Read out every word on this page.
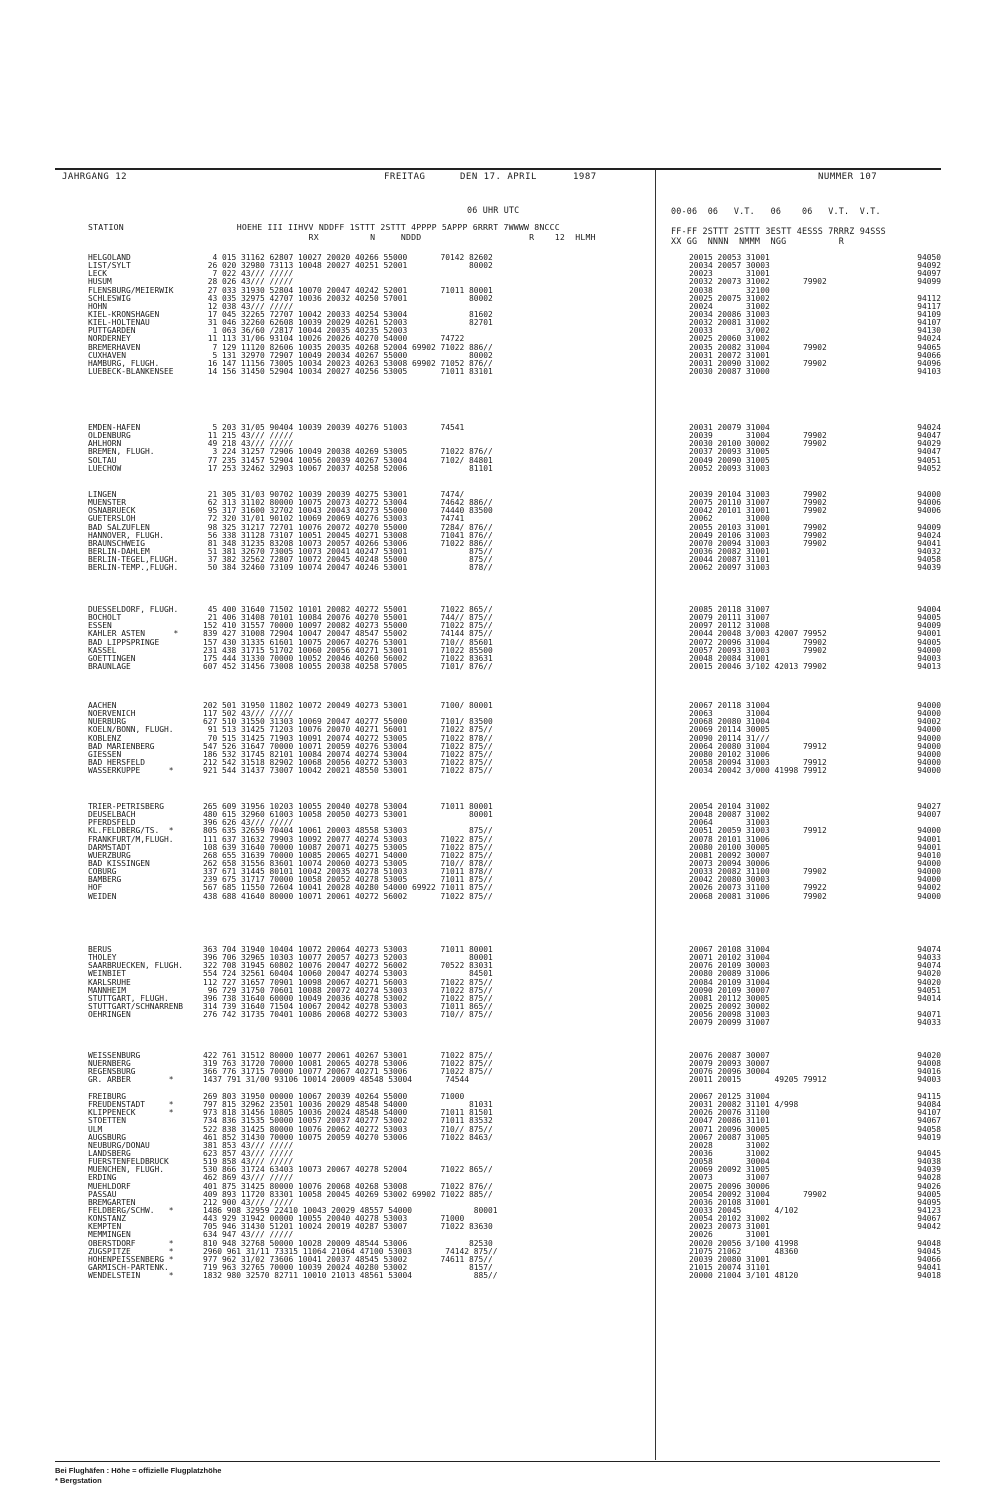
JAHRGANG 12	FREITAG	DEN 17. APRIL	1987	NUMMER 107
06 UHR UTC
STATION                      HOEHE III IIHVV NDDFF 1STTT 2STTT 4PPPP 5APPP 6RRRT 7WWWW 8NCCC
RX          N     NDDD                     R    12  HLMH
00-06  06   V.T.   06    06   V.T.  V.T.
FF-FF 2STTT 2STTT 3ESTT 4ESSS 7RRRZ 94SSS
XX GG  NNNN  NMMM  NGG          R
HELGOLAND	4 015 31162 62807 10027 20020 40266 55000       70142 82602	20015 20053 31001	94050
LIST/SYLT	26 020 32980 73113 10048 20027 40251 52001             80002	20034 20057 30003	94092
LECK	7 022 43/// /////	20023       31001	94097
HUSUM	28 026 43/// /////	20032 20073 31002       79902	94099
FLENSBURG/MEIERWIK	27 033 31930 52804 10070 20047 40242 52001       71011 80001	20038       32100
SCHLESWIG	43 035 32975 42707 10036 20032 40250 57001             80002	20025 20075 31002	94112
HOHN	12 038 43/// /////	20024       31002	94117
KIEL-KRONSHAGEN	17 045 32265 72707 10042 20033 40254 53004             81602	20034 20086 31003	94109
KIEL-HOLTENAU	31 046 32260 62608 10039 20029 40261 52003             82701	20032 20081 31002	94107
PUTTGARDEN	1 063 36/60 /2817 10044 20035 40235 52003	20033       3/002	94130
NORDERNEY	11 113 31/06 93104 10026 20026 40270 54000       74722	20025 20060 31002	94024
BREMERHAVEN	7 129 11120 82606 10035 20035 40268 52004 69902 71022 886//	20035 20082 31004       79902	94065
CUXHAVEN	5 131 32970 72907 10049 20034 40267 55000             80002	20031 20072 31001	94066
HAMBURG, FLUGH.	16 147 11156 73005 10034 20023 40263 53008 69902 71052 876//	20031 20090 31002       79902	94096
LUEBECK-BLANKENSEE	14 156 31450 52904 10034 20027 40256 53005       71011 83101	20030 20087 31000	94103
EMDEN-HAFEN	5 203 31/05 90404 10039 20039 40276 51003       74541	20031 20079 31004	94024
OLDENBURG	11 215 43/// /////	20039       31004       79902	94047
AHLHORN	49 218 43/// /////	20030 20100 30002       79902	94029
BREMEN, FLUGH.	3 224 31257 72906 10049 20038 40269 53005       71022 876//	20037 20093 31005	94047
SOLTAU	77 235 31457 52904 10056 20039 40267 53004       7102/ 84801	20049 20090 31005	94051
LUECHOW	17 253 32462 32903 10067 20037 40258 52006             81101	20052 20093 31003	94052
LINGEN	21 305 31/03 90702 10039 20039 40275 53001       7474/	20039 20104 31003       79902	94000
MUENSTER	62 313 31102 80000 10075 20073 40272 53004       74642 886//	20075 20110 31007       79902	94006
OSNABRUECK	95 317 31600 32702 10043 20043 40273 55000       74440 83500	20042 20101 31001       79902	94006
GUETERSLOH	72 320 31/01 90102 10069 20069 40276 53003       74741	20062       31000
BAD SALZUFLEN	98 325 31217 72701 10076 20072 40270 55000       7284/ 876//	20055 20103 31001       79902	94009
HANNOVER, FLUGH.	56 338 31128 73107 10051 20045 40271 53008       71041 876//	20049 20106 31003       79902	94024
BRAUNSCHWEIG	81 348 31235 83208 10073 20057 40266 53006       71022 886//	20070 20094 31003       79902	94041
BERLIN-DAHLEM	51 381 32670 73005 10073 20041 40247 53001             875//	20036 20082 31001	94032
BERLIN-TEGEL,FLUGH.	37 382 32562 72807 10072 20045 40248 55000             875//	20044 20087 31101	94058
BERLIN-TEMP.,FLUGH.	50 384 32460 73109 10074 20047 40246 53001             878//	20062 20097 31003	94039
DUESSELDORF, FLUGH.	45 400 31640 71502 10101 20082 40272 55001       71022 865//	20085 20118 31007	94004
BOCHOLT	21 406 31408 70101 10084 20076 40270 55001       744// 875//	20079 20111 31007	94005
ESSEN	152 410 31557 70000 10097 20082 40273 55000       71022 875//	20097 20112 31008	94009
KAHLER ASTEN      *	839 427 31008 72904 10047 20047 48547 55002       74144 875//	20044 20048 3/003 42007 79952	94001
BAD LIPPSPRINGE	157 430 31335 61601 10075 20067 40276 53001       710// 85601	20072 20096 31004       79902	94005
KASSEL	231 438 31715 51702 10060 20056 40271 53001       71022 85500	20057 20093 31003       79902	94000
GOETTINGEN	175 444 31330 70000 10052 20046 40260 56002       71022 83631	20048 20084 31001	94003
BRAUNLAGE	607 452 31456 73008 10055 20038 40258 57005       7101/ 876//	20015 20046 3/102 42013 79902	94013
AACHEN	202 501 31950 11802 10072 20049 40273 53001       7100/ 80001	20067 20118 31004	94000
NOERVENICH	117 502 43/// /////	20063       31004	94000
NUERBURG	627 510 31550 31303 10069 20047 40277 55000       7101/ 83500	20068 20080 31004	94002
KOELN/BONN, FLUGH.	91 513 31425 71203 10076 20070 40271 56001       71022 875//	20069 20114 30005	94000
KOBLENZ	70 515 31425 71903 10091 20074 40272 53005       71022 878//	20090 20114 31///	94000
BAD MARIENBERG	547 526 31647 70000 10071 20059 40276 53004       71022 875//	20064 20080 31004       79912	94000
GIESSEN	186 532 31745 82101 10084 20074 40274 53004       71022 875//	20080 20102 31006	94000
BAD HERSFELD	212 542 31518 82902 10068 20056 40272 53003       71022 875//	20058 20094 31003       79912	94000
WASSERKUPPE      *	921 544 31437 73007 10042 20021 48550 53001       71022 875//	20034 20042 3/000 41998 79912	94000
TRIER-PETRISBERG	265 609 31956 10203 10055 20040 40278 53004       71011 80001	20054 20104 31002	94027
DEUSELBACH	480 615 32960 61003 10058 20050 40273 53001             80001	20048 20087 31002	94007
PFERDSFELD	396 626 43/// /////	20064       31003
KL.FELDBERG/TS.  *	805 635 32659 70404 10061 20003 48558 53003             875//	20051 20059 31003       79912	94000
FRANKFURT/M,FLUGH.	111 637 31632 79903 10092 20077 40274 53003       71022 875//	20078 20101 31006	94001
DARMSTADT	108 639 31640 70000 10087 20071 40275 53005       71022 875//	20080 20100 30005	94001
WUERZBURG	268 655 31639 70000 10085 20065 40271 54000       71022 875//	20081 20092 30007	94010
BAD KISSINGEN	262 658 31556 83601 10074 20060 40273 53005       710// 878//	20073 20094 30006	94000
COBURG	337 671 31445 80101 10042 20035 40278 51003       71011 878//	20033 20082 31100       79902	94000
BAMBERG	239 675 31717 70000 10058 20052 40278 53005       71011 875//	20042 20080 30003	94000
HOF	567 685 11550 72604 10041 20028 40280 54000 69922 71011 875//	20026 20073 31100       79922	94002
WEIDEN	438 688 41640 80000 10071 20061 40272 56002       71022 875//	20068 20081 31006       79902	94000
BERUS	363 704 31940 10404 10072 20064 40273 53003       71011 80001	20067 20108 31004	94074
THOLEY	396 706 32965 10303 10077 20057 40273 52003             80001	20071 20102 31004	94033
SAARBRUECKEN, FLUGH.	322 708 31945 60802 10076 20047 40272 56002       70522 83031	20076 20109 30003	94074
WEINBIET	554 724 32561 60404 10060 20047 40274 53003             84501	20080 20089 31006	94020
KARLSRUHE	112 727 31657 70901 10098 20067 40271 56003       71022 875//	20084 20109 31004	94020
MANNHEIM	96 729 31750 70601 10088 20072 40274 53003       71022 875//	20090 20109 30007	94051
STUTTGART, FLUGH.	396 738 31640 60000 10049 20036 40278 53002       71022 875//	20081 20112 30005	94014
STUTTGART/SCHNARRENB	314 739 31640 71504 10067 20042 40278 53003       71011 865//	20025 20092 30002
OEHRINGEN	276 742 31735 70401 10086 20068 40272 53003       710// 875//	20056 20098 31003	94071
20079 20099 31007	94033
WEISSENBURG	422 761 31512 80000 10077 20061 40267 53001       71022 875//	20076 20087 30007	94020
NUERNBERG	319 763 31720 70000 10081 20065 40278 53006       71022 875//	20079 20093 30007	94008
REGENSBURG	366 776 31715 70000 10077 20067 40271 53006       71022 875//	20076 20096 30004	94016
GR. ARBER        *	1437 791 31/00 93106 10014 20009 48548 53004       74544	20011 20015       49205 79912	94003
FREIBURG	269 803 31950 00000 10067 20039 40264 55000       71000	20067 20125 31004	94115
FREUDENSTADT     *	797 815 32962 23501 10036 20029 48548 54000             81031	20031 20082 31101 4/998	94084
KLIPPENECK       *	973 818 31456 10805 10036 20024 48548 54000       71011 81501	20026 20076 31100	94107
STOETTEN	734 836 31535 50000 10057 20037 40277 53002       71011 83532	20047 20086 31101	94067
ULM	522 838 31425 80000 10076 20062 40272 53003       710// 875//	20071 20096 30005	94058
AUGSBURG	461 852 31430 70000 10075 20059 40270 53006       71022 8463/	20067 20087 31005	94019
NEUBURG/DONAU	381 853 43/// /////	20028       31002
LANDSBERG	623 857 43/// /////	20036       31002	94045
FUERSTENFELDBRUCK	519 858 43/// /////	20058       30004	94038
MUENCHEN, FLUGH.	530 866 31724 63403 10073 20067 40278 52004       71022 865//	20069 20092 31005	94039
ERDING	462 869 43/// /////	20073       31007	94028
MUEHLDORF	401 875 31425 80000 10076 20068 40268 53008       71022 876//	20075 20096 30006	94026
PASSAU	409 893 11720 83301 10058 20045 40269 53002 69902 71022 885//	20054 20092 31004       79902	94005
BREMGARTEN	212 900 43/// /////	20036 20108 31001	94095
FELDBERG/SCHW.   *	1486 908 32959 22410 10043 20029 48557 54000             80001	20033 20045       4/102	94123
KONSTANZ	443 929 31942 00000 10055 20040 40278 53003       71000	20054 20102 31002	94067
KEMPTEN	705 946 31430 51201 10024 20019 40287 53007       71022 83630	20023 20073 31001	94042
MEMMINGEN	634 947 43/// /////	20026       31001
OBERSTDORF       *	810 948 32768 50000 10028 20009 48544 53006             82530	20020 20056 3/100 41998	94048
ZUGSPITZE        *	2960 961 31/11 73315 11064 21064 47100 53003       74142 875//	21075 21062       48360	94045
HOHENPEISSENBERG *	977 962 31/02 73606 10041 20037 48545 53002       74611 875//	20039 20080 31001	94066
GARMISCH-PARTENK.	719 963 32765 70000 10039 20024 40280 53002             8157/	21015 20074 31101	94041
WENDELSTEIN      *	1832 980 32570 82711 10010 21013 48561 53004             885//	20000 21004 3/101 48120	94018
Bei Flughäfen : Höhe = offizielle Flugplatzhöhe
* Bergstation
